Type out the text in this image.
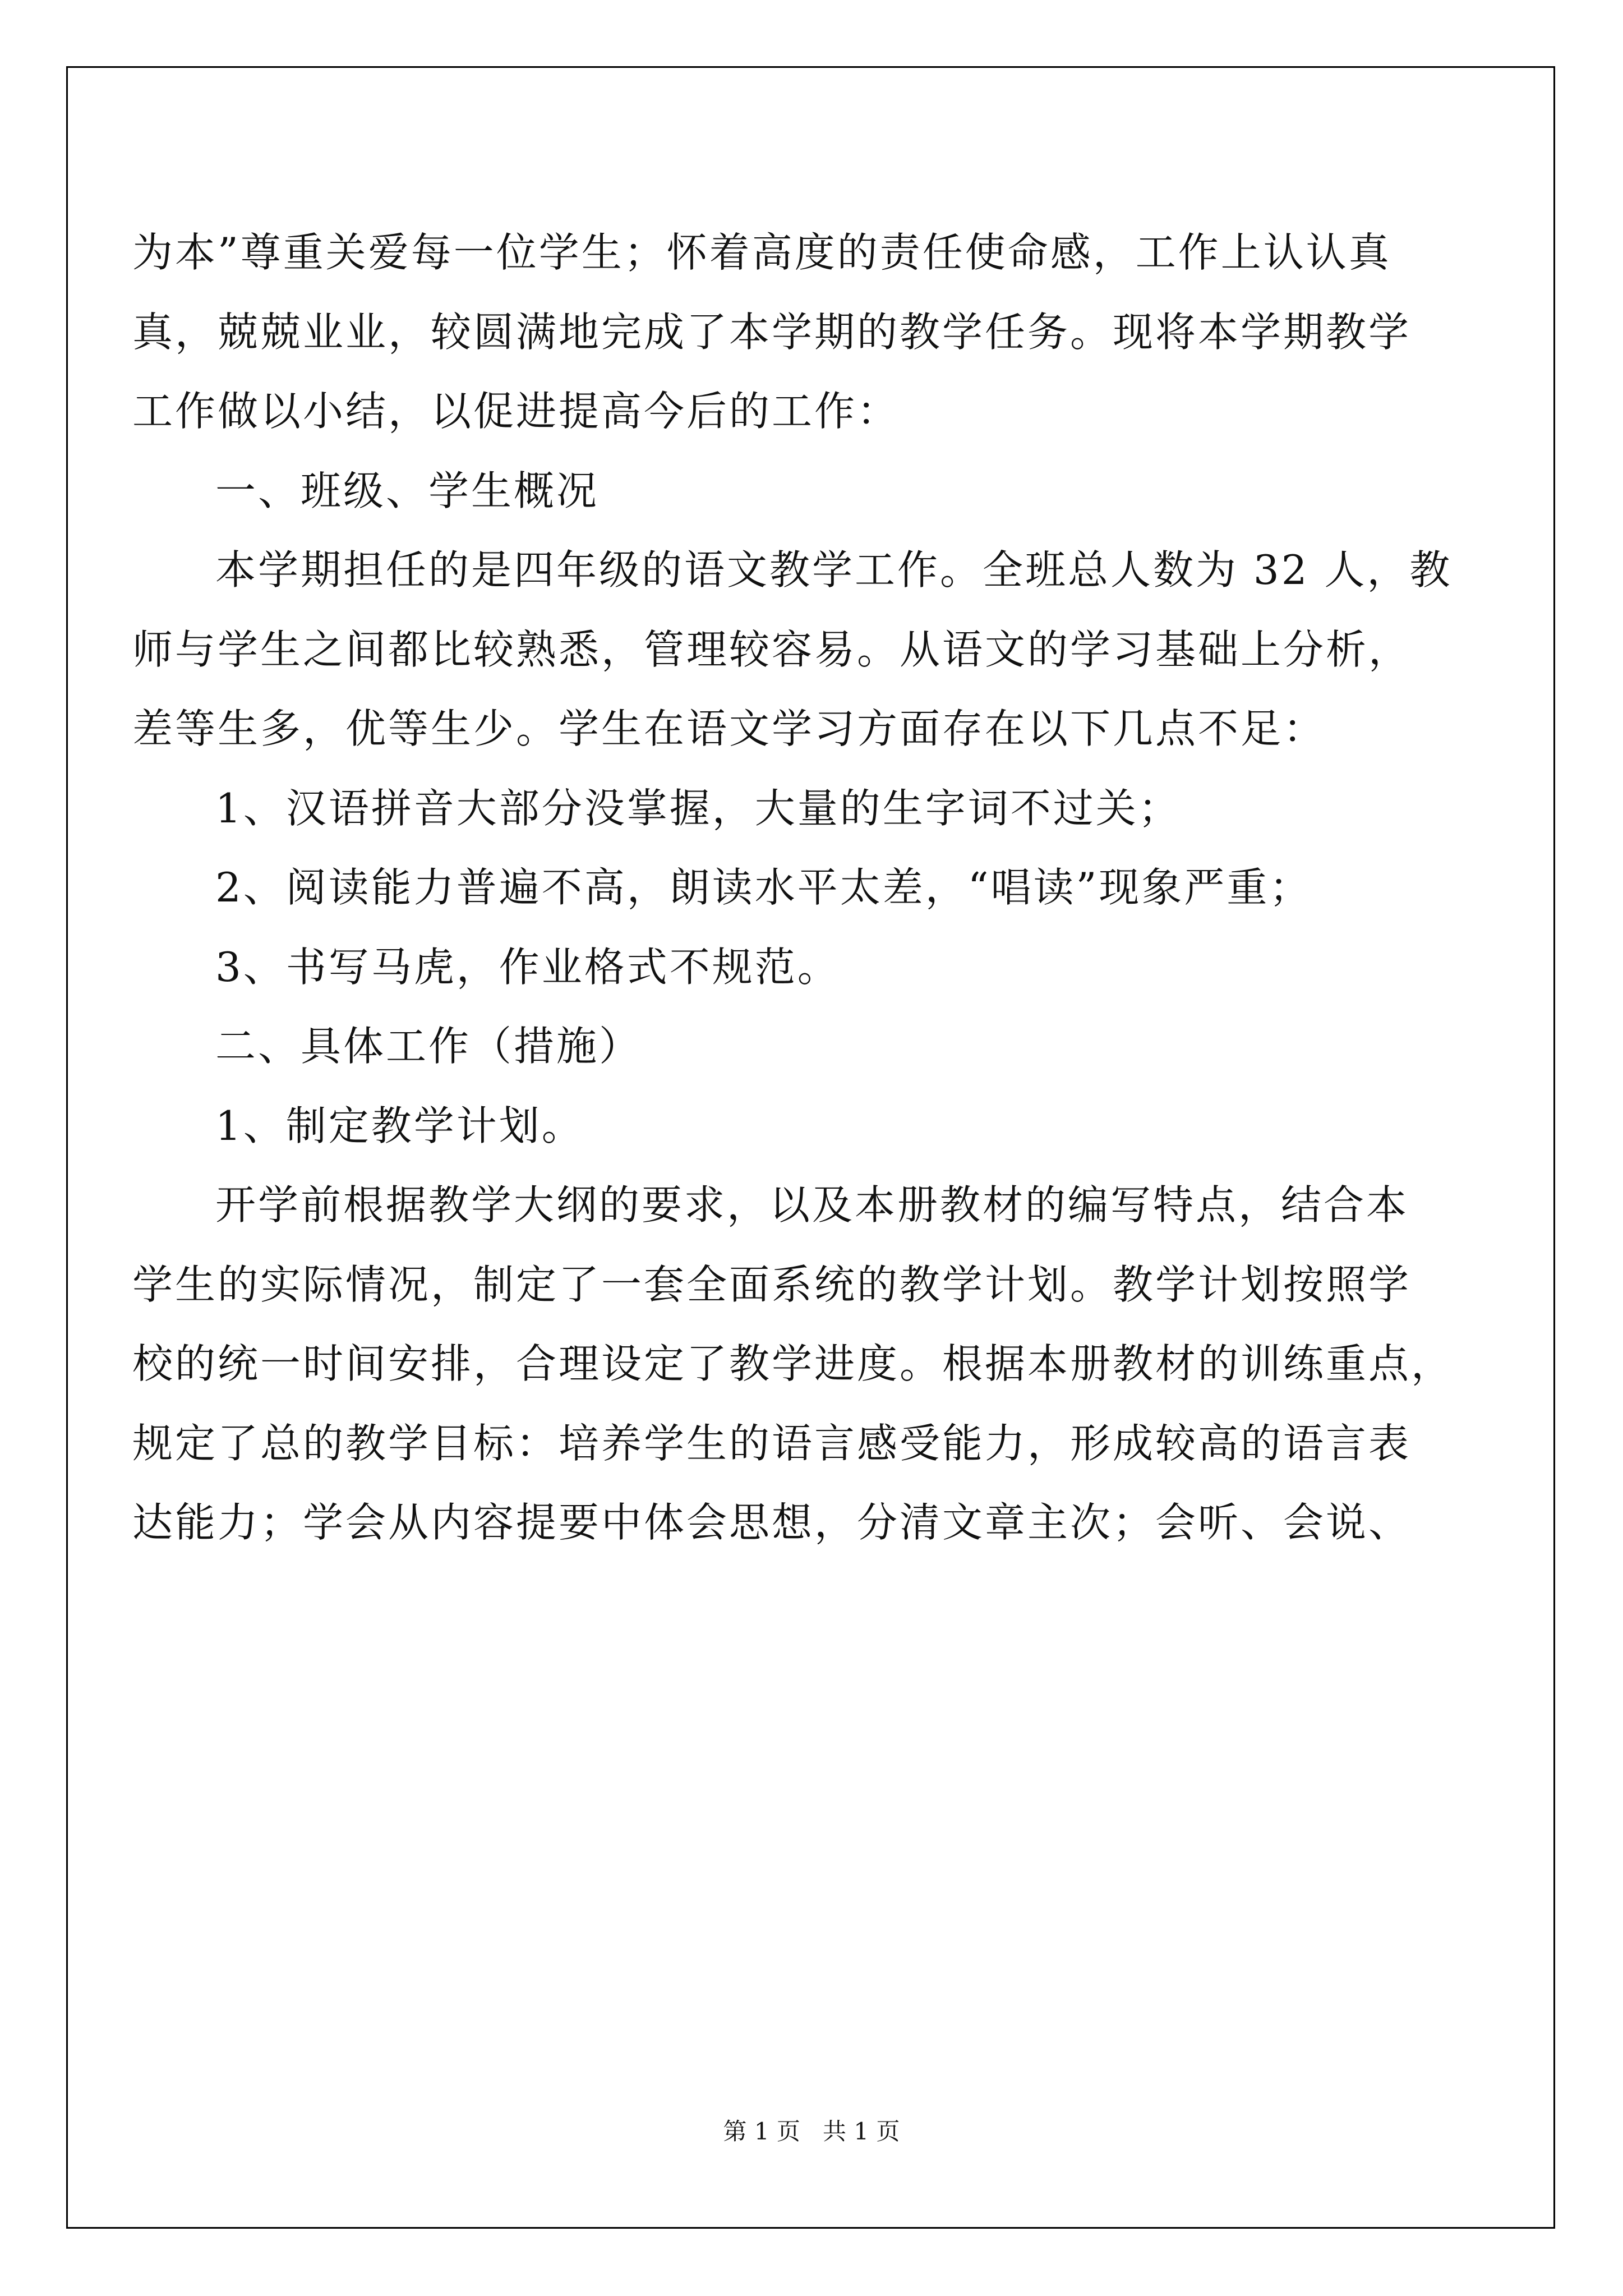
为本”尊重关爱每一位学生；怀着高度的责任使命感，工作上认认真
真，兢兢业业，较圆满地完成了本学期的教学任务。现将本学期教学
工作做以小结，以促进提高今后的工作：
一、班级、学生概况
本学期担任的是四年级的语文教学工作。全班总人数为 32 人，教
师与学生之间都比较熟悉，管理较容易。从语文的学习基础上分析，
差等生多，优等生少。学生在语文学习方面存在以下几点不足：
1、汉语拼音大部分没掌握，大量的生字词不过关；
2、阅读能力普遍不高，朗读水平太差，“唱读”现象严重；
3、书写马虎，作业格式不规范。
二、具体工作（措施）
1、制定教学计划。
开学前根据教学大纲的要求，以及本册教材的编写特点，结合本
学生的实际情况，制定了一套全面系统的教学计划。教学计划按照学
校的统一时间安排，合理设定了教学进度。根据本册教材的训练重点，
规定了总的教学目标：培养学生的语言感受能力，形成较高的语言表
达能力；学会从内容提要中体会思想，分清文章主次；会听、会说、
第 1 页   共 1 页
